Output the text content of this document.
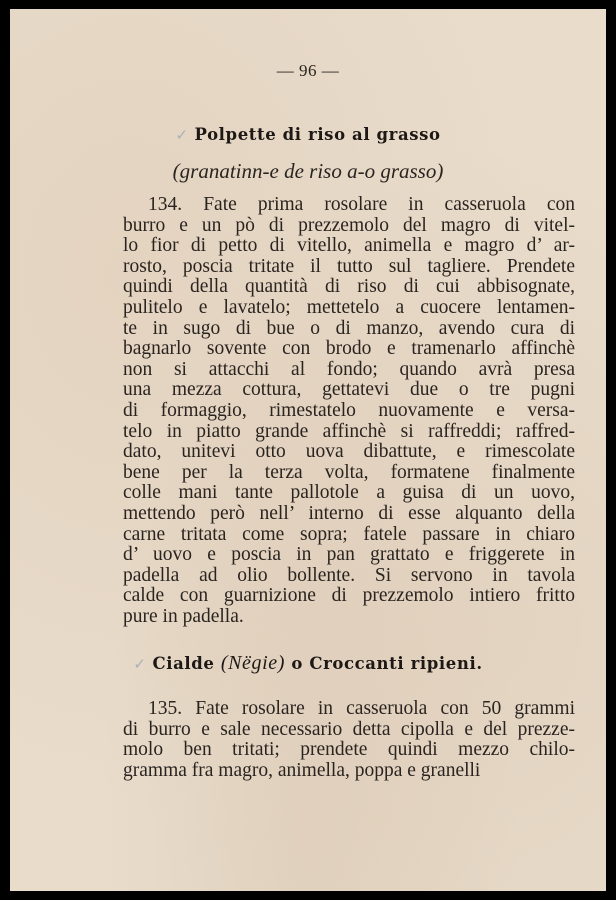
— 96 —
✓ Polpette di riso al grasso
(granatinn-e de riso a-o grasso)
134. Fate prima rosolare in casseruola con
burro e un pò di prezzemolo del magro di vitel-
lo fior di petto di vitello, animella e magro d’ ar-
rosto, poscia tritate il tutto sul tagliere. Prendete
quindi della quantità di riso di cui abbisognate,
pulitelo e lavatelo; mettetelo a cuocere lentamen-
te in sugo di bue o di manzo, avendo cura di
bagnarlo sovente con brodo e tramenarlo affinchè
non si attacchi al fondo; quando avrà presa
una mezza cottura, gettatevi due o tre pugni
di formaggio, rimestatelo nuovamente e versa-
telo in piatto grande affinchè si raffreddi; raffred-
dato, unitevi otto uova dibattute, e rimescolate
bene per la terza volta, formatene finalmente
colle mani tante pallotole a guisa di un uovo,
mettendo però nell’ interno di esse alquanto della
carne tritata come sopra; fatele passare in chiaro
d’ uovo e poscia in pan grattato e friggerete in
padella ad olio bollente. Si servono in tavola
calde con guarnizione di prezzemolo intiero fritto
pure in padella.
✓ Cialde (Nëgie) o Croccanti ripieni.
135. Fate rosolare in casseruola con 50 grammi
di burro e sale necessario detta cipolla e del prezze-
molo ben tritati; prendete quindi mezzo chilo-
gramma fra magro, animella, poppa e granelli
